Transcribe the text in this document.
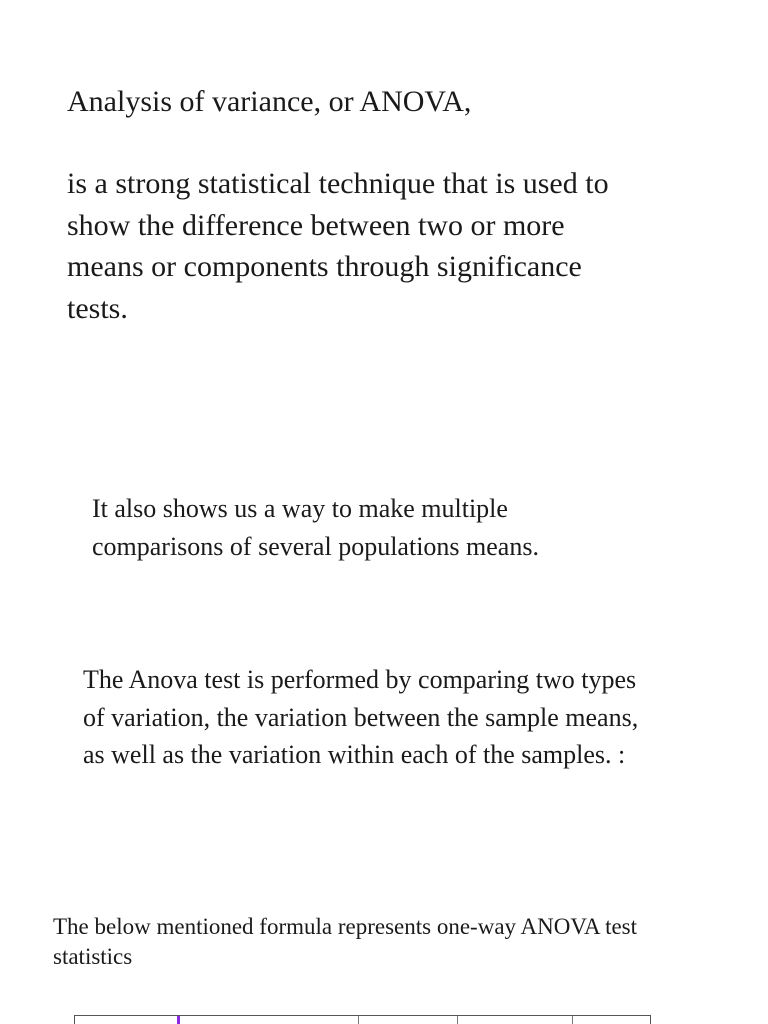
Analysis of variance, or ANOVA,

is a strong statistical technique that is used to
show the difference between two or more
means or components through significance
tests.

It also shows us a way to make multiple
comparisons of several populations means.

The Anova test is performed by comparing two types
of variation, the variation between the sample means,
as well as the variation within each of the samples. :

The below mentioned formula represents one-way ANOVA test
statistics
